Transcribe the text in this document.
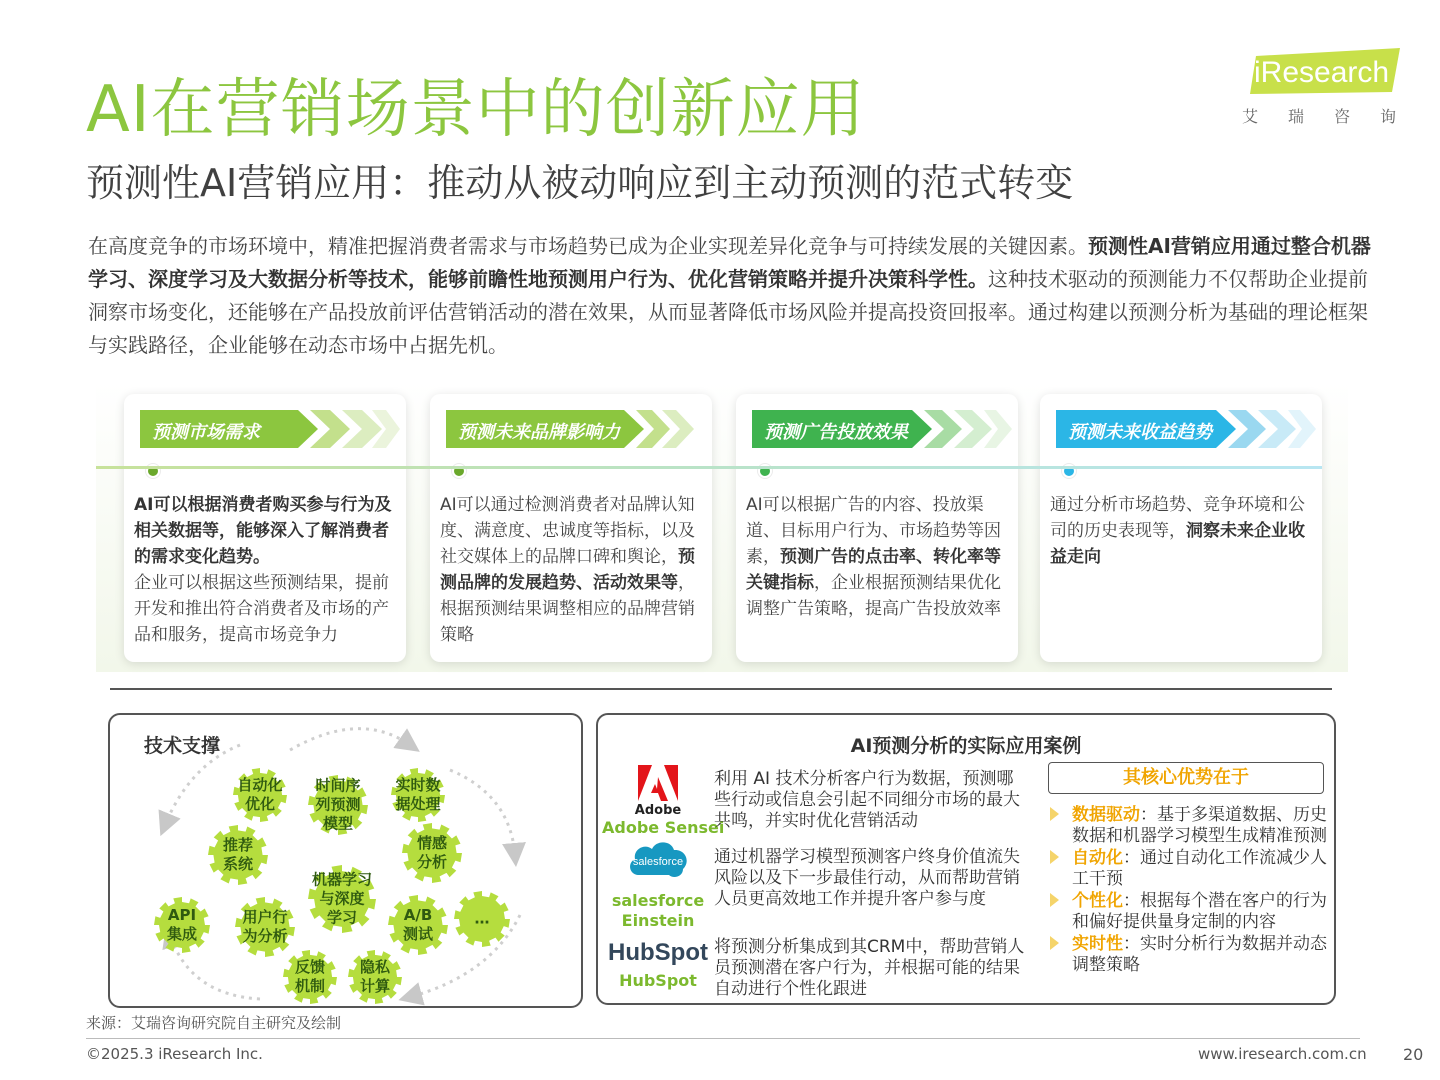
AI在营销场景中的创新应用
预测性AI营销应用：推动从被动响应到主动预测的范式转变
iResearch
艾瑞咨询
在高度竞争的市场环境中，精准把握消费者需求与市场趋势已成为企业实现差异化竞争与可持续发展的关键因素。预测性AI营销应用通过整合机器学习、深度学习及大数据分析等技术，能够前瞻性地预测用户行为、优化营销策略并提升决策科学性。这种技术驱动的预测能力不仅帮助企业提前洞察市场变化，还能够在产品投放前评估营销活动的潜在效果，从而显著降低市场风险并提高投资回报率。通过构建以预测分析为基础的理论框架与实践路径，企业能够在动态市场中占据先机。
预测市场需求
AI可以根据消费者购买参与行为及相关数据等，能够深入了解消费者的需求变化趋势。
企业可以根据这些预测结果，提前开发和推出符合消费者及市场的产品和服务，提高市场竞争力
预测未来品牌影响力
AI可以通过检测消费者对品牌认知度、满意度、忠诚度等指标，以及社交媒体上的品牌口碑和舆论，预测品牌的发展趋势、活动效果等，根据预测结果调整相应的品牌营销策略
预测广告投放效果
AI可以根据广告的内容、投放渠道、目标用户行为、市场趋势等因素，预测广告的点击率、转化率等关键指标，企业根据预测结果优化调整广告策略，提高广告投放效率
预测未来收益趋势
通过分析市场趋势、竞争环境和公司的历史表现等，洞察未来企业收益走向
技术支撑
自动化
优化
时间序
列预测
模型
实时数
据处理
推荐
系统
情感
分析
机器学习
与深度
学习
API
集成
用户行
为分析
A/B
测试
…
反馈
机制
隐私
计算
AI预测分析的实际应用案例
Adobe
Adobe Sensei
利用 AI 技术分析客户行为数据，预测哪些行动或信息会引起不同细分市场的最大共鸣，并实时优化营销活动
salesforce
salesforce
Einstein
通过机器学习模型预测客户终身价值流失风险以及下一步最佳行动，从而帮助营销人员更高效地工作并提升客户参与度
HubSpot
HubSpot
将预测分析集成到其CRM中，帮助营销人员预测潜在客户行为，并根据可能的结果自动进行个性化跟进
其核心优势在于
数据驱动：基于多渠道数据、历史数据和机器学习模型生成精准预测
自动化：通过自动化工作流减少人工干预
个性化：根据每个潜在客户的行为和偏好提供量身定制的内容
实时性：实时分析行为数据并动态调整策略
来源：艾瑞咨询研究院自主研究及绘制
©2025.3 iResearch Inc.	www.iresearch.com.cn 20
